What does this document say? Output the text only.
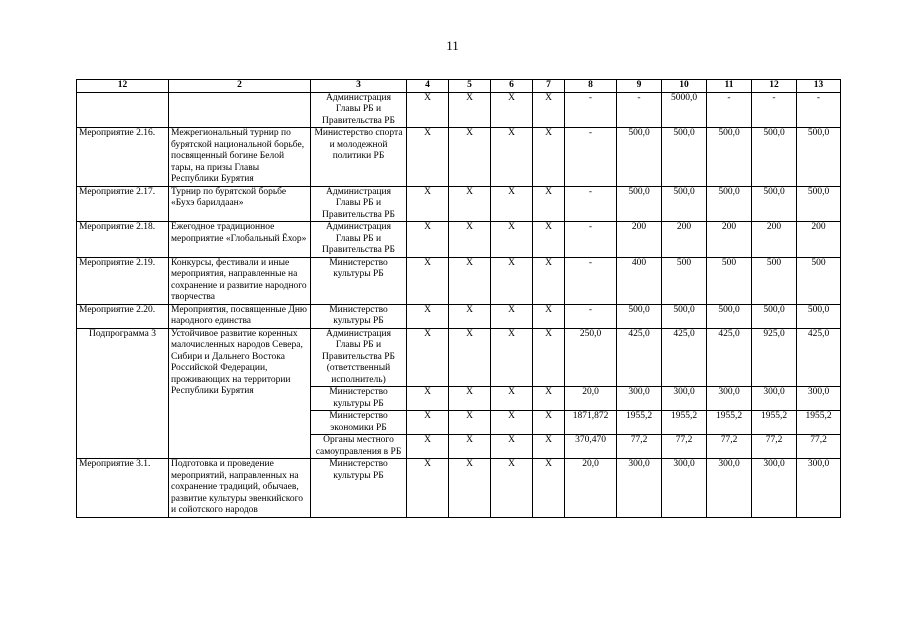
11
12	2	3	4	5	6	7	8	9	10	11	12	13
		Администрация Главы РБ и Правительства РБ	X	X	X	X	-	-	5000,0	-	-	-
Мероприятие 2.16.	Межрегиональный турнир по бурятской национальной борьбе, посвященный богине Белой тары, на призы Главы Республики Бурятия	Министерство спорта и молодежной политики РБ	X	X	X	X	-	500,0	500,0	500,0	500,0	500,0
Мероприятие 2.17.	Турнир по бурятской борьбе «Бухэ барилдаан»	Администрация Главы РБ и Правительства РБ	X	X	X	X	-	500,0	500,0	500,0	500,0	500,0
Мероприятие 2.18.	Ежегодное традиционное мероприятие «Глобальный Ёхор»	Администрация Главы РБ и Правительства РБ	X	X	X	X	-	200	200	200	200	200
Мероприятие 2.19.	Конкурсы, фестивали и иные мероприятия, направленные на сохранение и развитие народного творчества	Министерство культуры РБ	X	X	X	X	-	400	500	500	500	500
Мероприятие 2.20.	Мероприятия, посвященные Дню народного единства	Министерство культуры РБ	X	X	X	X	-	500,0	500,0	500,0	500,0	500,0
Подпрограмма 3	Устойчивое развитие коренных малочисленных народов Севера, Сибири и Дальнего Востока Российской Федерации, проживающих на территории Республики Бурятия	Администрация Главы РБ и Правительства РБ (ответственный исполнитель)	X	X	X	X	250,0	425,0	425,0	425,0	925,0	425,0
		Министерство культуры РБ	X	X	X	X	20,0	300,0	300,0	300,0	300,0	300,0
		Министерство экономики РБ	X	X	X	X	1871,872	1955,2	1955,2	1955,2	1955,2	1955,2
		Органы местного самоуправления в РБ	X	X	X	X	370,470	77,2	77,2	77,2	77,2	77,2
Мероприятие 3.1.	Подготовка и проведение мероприятий, направленных на сохранение традиций, обычаев, развитие культуры эвенкийского и сойотского народов	Министерство культуры РБ	X	X	X	X	20,0	300,0	300,0	300,0	300,0	300,0
